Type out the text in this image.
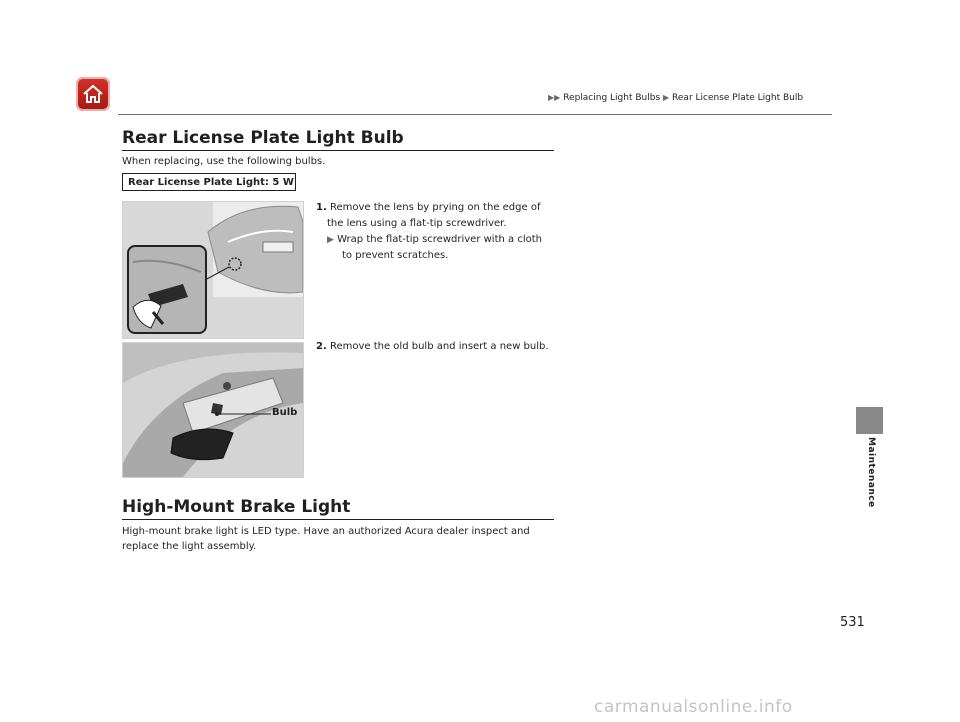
▶▶ Replacing Light Bulbs ▶ Rear License Plate Light Bulb
Rear License Plate Light Bulb
When replacing, use the following bulbs.
Rear License Plate Light: 5 W
1. Remove the lens by prying on the edge of
the lens using a flat-tip screwdriver.
▶ Wrap the flat-tip screwdriver with a cloth
to prevent scratches.
2. Remove the old bulb and insert a new bulb.
Bulb
High-Mount Brake Light
High-mount brake light is LED type. Have an authorized Acura dealer inspect and
replace the light assembly.
Maintenance
531
carmanualsonline.info
